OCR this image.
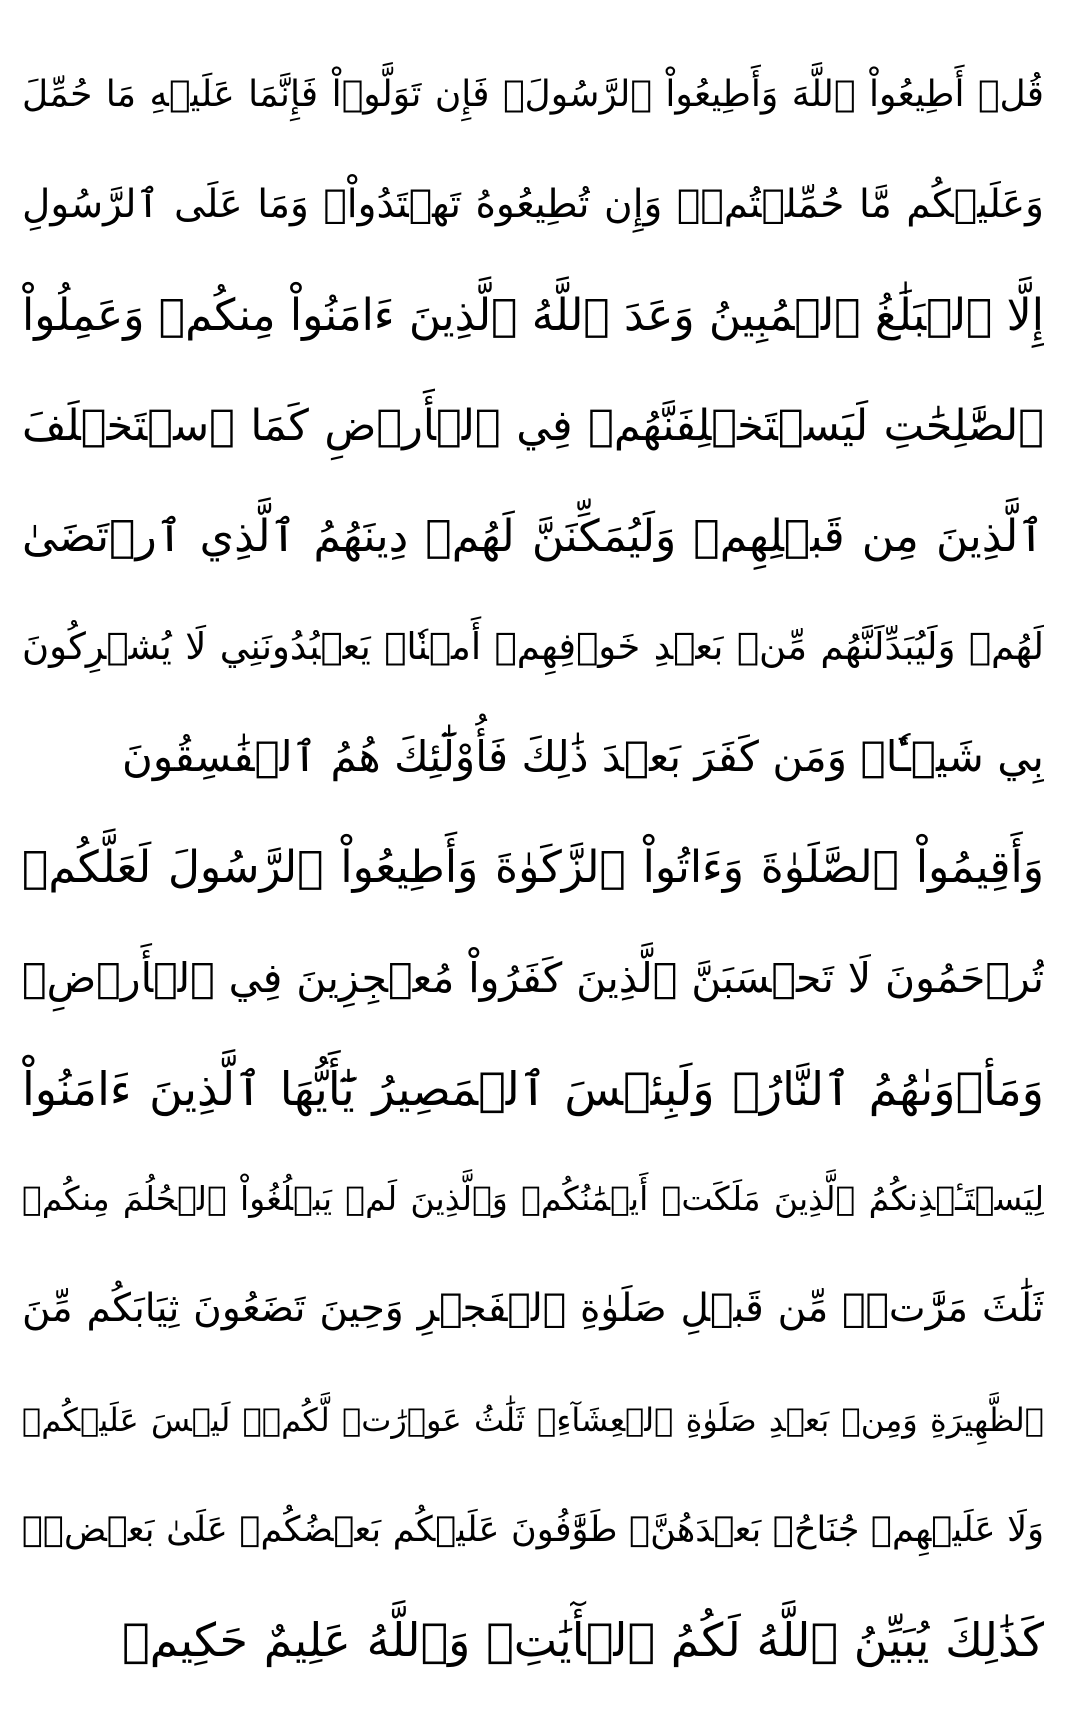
قُلۡ أَطِيعُواْ ٱللَّهَ وَأَطِيعُواْ ٱلرَّسُولَۖ فَإِن تَوَلَّوۡاْ فَإِنَّمَا عَلَيۡهِ مَا حُمِّلَ
وَعَلَيۡكُم مَّا حُمِّلۡتُمۡۖ وَإِن تُطِيعُوهُ تَهۡتَدُواْۚ وَمَا عَلَى ٱلرَّسُولِ
إِلَّا ٱلۡبَلَٰغُ ٱلۡمُبِينُ وَعَدَ ٱللَّهُ ٱلَّذِينَ ءَامَنُواْ مِنكُمۡ وَعَمِلُواْ
ٱلصَّٰلِحَٰتِ لَيَسۡتَخۡلِفَنَّهُمۡ فِي ٱلۡأَرۡضِ كَمَا ٱسۡتَخۡلَفَ
ٱلَّذِينَ مِن قَبۡلِهِمۡ وَلَيُمَكِّنَنَّ لَهُمۡ دِينَهُمُ ٱلَّذِي ٱرۡتَضَىٰ
لَهُمۡ وَلَيُبَدِّلَنَّهُم مِّنۢ بَعۡدِ خَوۡفِهِمۡ أَمۡنٗاۚ يَعۡبُدُونَنِي لَا يُشۡرِكُونَ
بِي شَيۡـٔٗاۚ وَمَن كَفَرَ بَعۡدَ ذَٰلِكَ فَأُوْلَٰٓئِكَ هُمُ ٱلۡفَٰسِقُونَ
وَأَقِيمُواْ ٱلصَّلَوٰةَ وَءَاتُواْ ٱلزَّكَوٰةَ وَأَطِيعُواْ ٱلرَّسُولَ لَعَلَّكُمۡ
تُرۡحَمُونَ لَا تَحۡسَبَنَّ ٱلَّذِينَ كَفَرُواْ مُعۡجِزِينَ فِي ٱلۡأَرۡضِۚ
وَمَأۡوَىٰهُمُ ٱلنَّارُۖ وَلَبِئۡسَ ٱلۡمَصِيرُ يَٰٓأَيُّهَا ٱلَّذِينَ ءَامَنُواْ
لِيَسۡتَـٔۡذِنكُمُ ٱلَّذِينَ مَلَكَتۡ أَيۡمَٰنُكُمۡ وَٱلَّذِينَ لَمۡ يَبۡلُغُواْ ٱلۡحُلُمَ مِنكُمۡ
ثَلَٰثَ مَرَّٰتٖۚ مِّن قَبۡلِ صَلَوٰةِ ٱلۡفَجۡرِ وَحِينَ تَضَعُونَ ثِيَابَكُم مِّنَ
ٱلظَّهِيرَةِ وَمِنۢ بَعۡدِ صَلَوٰةِ ٱلۡعِشَآءِۚ ثَلَٰثُ عَوۡرَٰتٖ لَّكُمۡۚ لَيۡسَ عَلَيۡكُمۡ
وَلَا عَلَيۡهِمۡ جُنَاحُۢ بَعۡدَهُنَّۚ طَوَّٰفُونَ عَلَيۡكُم بَعۡضُكُمۡ عَلَىٰ بَعۡضٖۚ
كَذَٰلِكَ يُبَيِّنُ ٱللَّهُ لَكُمُ ٱلۡأٓيَٰتِۗ وَٱللَّهُ عَلِيمٌ حَكِيمٞ
